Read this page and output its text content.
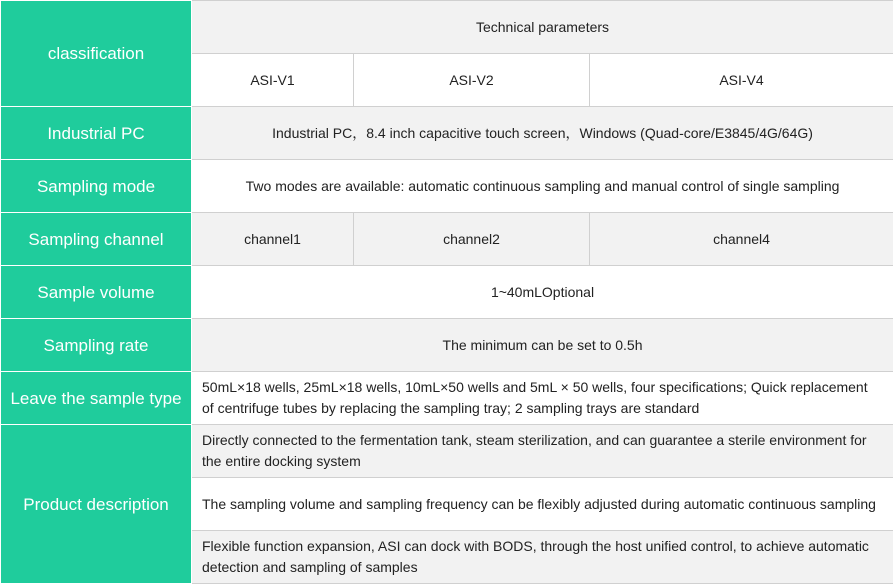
classification	Technical parameters		
	ASI-V1	ASI-V2	ASI-V4
Industrial PC	Industrial PC，8.4 inch capacitive touch screen，Windows (Quad-core/E3845/4G/64G)		
Sampling mode	Two modes are available: automatic continuous sampling and manual control of single sampling		
Sampling channel	channel1	channel2	channel4
Sample volume	1~40mLOptional		
Sampling rate	The minimum can be set to 0.5h		
Leave the sample type	50mL×18 wells, 25mL×18 wells, 10mL×50 wells and 5mL × 50 wells, four specifications; Quick replacement of centrifuge tubes by replacing the sampling tray; 2 sampling trays are standard		
Product description	Directly connected to the fermentation tank, steam sterilization, and can guarantee a sterile environment for the entire docking system		
	The sampling volume and sampling frequency can be flexibly adjusted during automatic continuous sampling		
	Flexible function expansion, ASI can dock with BODS, through the host unified control, to achieve automatic detection and sampling of samples		
